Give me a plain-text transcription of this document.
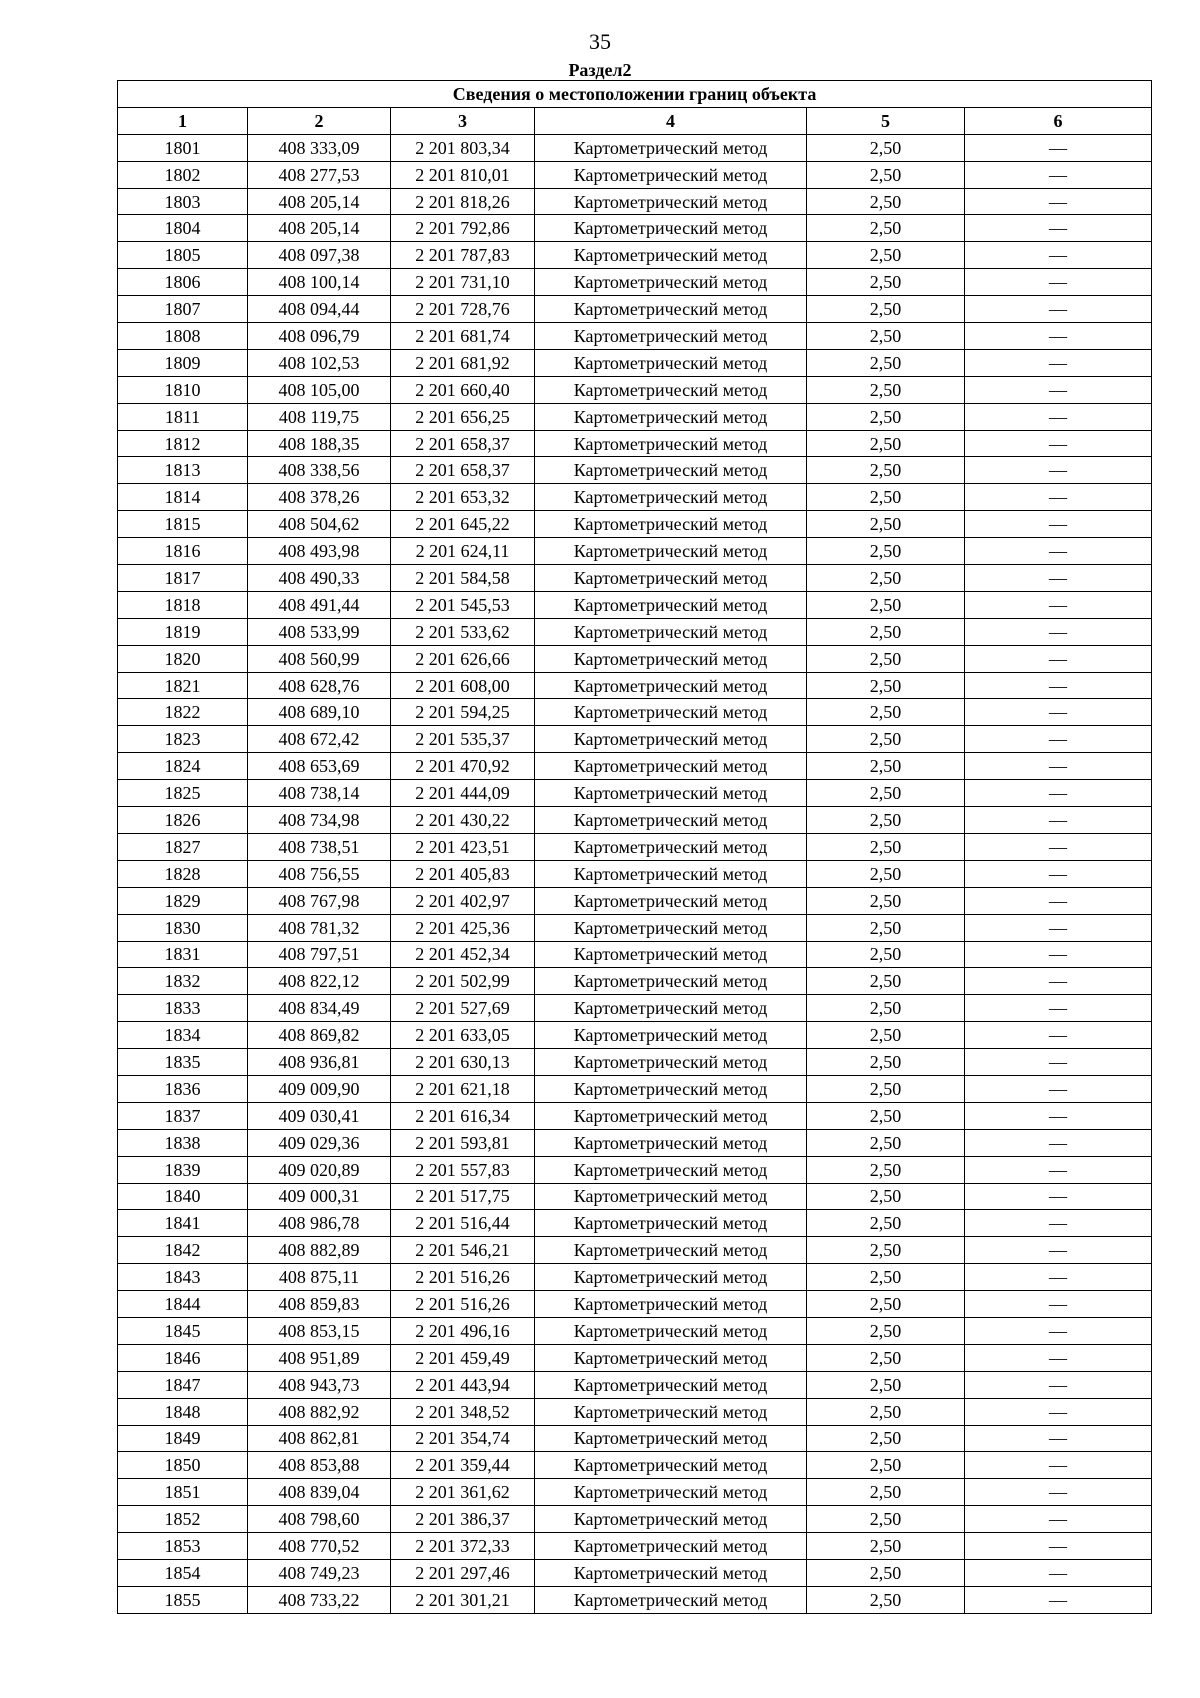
35
Раздел2
Сведения о местоположении границ объекта					
1	2	3	4	5	6
1801	408 333,09	2 201 803,34	Картометрический метод	2,50	—
1802	408 277,53	2 201 810,01	Картометрический метод	2,50	—
1803	408 205,14	2 201 818,26	Картометрический метод	2,50	—
1804	408 205,14	2 201 792,86	Картометрический метод	2,50	—
1805	408 097,38	2 201 787,83	Картометрический метод	2,50	—
1806	408 100,14	2 201 731,10	Картометрический метод	2,50	—
1807	408 094,44	2 201 728,76	Картометрический метод	2,50	—
1808	408 096,79	2 201 681,74	Картометрический метод	2,50	—
1809	408 102,53	2 201 681,92	Картометрический метод	2,50	—
1810	408 105,00	2 201 660,40	Картометрический метод	2,50	—
1811	408 119,75	2 201 656,25	Картометрический метод	2,50	—
1812	408 188,35	2 201 658,37	Картометрический метод	2,50	—
1813	408 338,56	2 201 658,37	Картометрический метод	2,50	—
1814	408 378,26	2 201 653,32	Картометрический метод	2,50	—
1815	408 504,62	2 201 645,22	Картометрический метод	2,50	—
1816	408 493,98	2 201 624,11	Картометрический метод	2,50	—
1817	408 490,33	2 201 584,58	Картометрический метод	2,50	—
1818	408 491,44	2 201 545,53	Картометрический метод	2,50	—
1819	408 533,99	2 201 533,62	Картометрический метод	2,50	—
1820	408 560,99	2 201 626,66	Картометрический метод	2,50	—
1821	408 628,76	2 201 608,00	Картометрический метод	2,50	—
1822	408 689,10	2 201 594,25	Картометрический метод	2,50	—
1823	408 672,42	2 201 535,37	Картометрический метод	2,50	—
1824	408 653,69	2 201 470,92	Картометрический метод	2,50	—
1825	408 738,14	2 201 444,09	Картометрический метод	2,50	—
1826	408 734,98	2 201 430,22	Картометрический метод	2,50	—
1827	408 738,51	2 201 423,51	Картометрический метод	2,50	—
1828	408 756,55	2 201 405,83	Картометрический метод	2,50	—
1829	408 767,98	2 201 402,97	Картометрический метод	2,50	—
1830	408 781,32	2 201 425,36	Картометрический метод	2,50	—
1831	408 797,51	2 201 452,34	Картометрический метод	2,50	—
1832	408 822,12	2 201 502,99	Картометрический метод	2,50	—
1833	408 834,49	2 201 527,69	Картометрический метод	2,50	—
1834	408 869,82	2 201 633,05	Картометрический метод	2,50	—
1835	408 936,81	2 201 630,13	Картометрический метод	2,50	—
1836	409 009,90	2 201 621,18	Картометрический метод	2,50	—
1837	409 030,41	2 201 616,34	Картометрический метод	2,50	—
1838	409 029,36	2 201 593,81	Картометрический метод	2,50	—
1839	409 020,89	2 201 557,83	Картометрический метод	2,50	—
1840	409 000,31	2 201 517,75	Картометрический метод	2,50	—
1841	408 986,78	2 201 516,44	Картометрический метод	2,50	—
1842	408 882,89	2 201 546,21	Картометрический метод	2,50	—
1843	408 875,11	2 201 516,26	Картометрический метод	2,50	—
1844	408 859,83	2 201 516,26	Картометрический метод	2,50	—
1845	408 853,15	2 201 496,16	Картометрический метод	2,50	—
1846	408 951,89	2 201 459,49	Картометрический метод	2,50	—
1847	408 943,73	2 201 443,94	Картометрический метод	2,50	—
1848	408 882,92	2 201 348,52	Картометрический метод	2,50	—
1849	408 862,81	2 201 354,74	Картометрический метод	2,50	—
1850	408 853,88	2 201 359,44	Картометрический метод	2,50	—
1851	408 839,04	2 201 361,62	Картометрический метод	2,50	—
1852	408 798,60	2 201 386,37	Картометрический метод	2,50	—
1853	408 770,52	2 201 372,33	Картометрический метод	2,50	—
1854	408 749,23	2 201 297,46	Картометрический метод	2,50	—
1855	408 733,22	2 201 301,21	Картометрический метод	2,50	—
